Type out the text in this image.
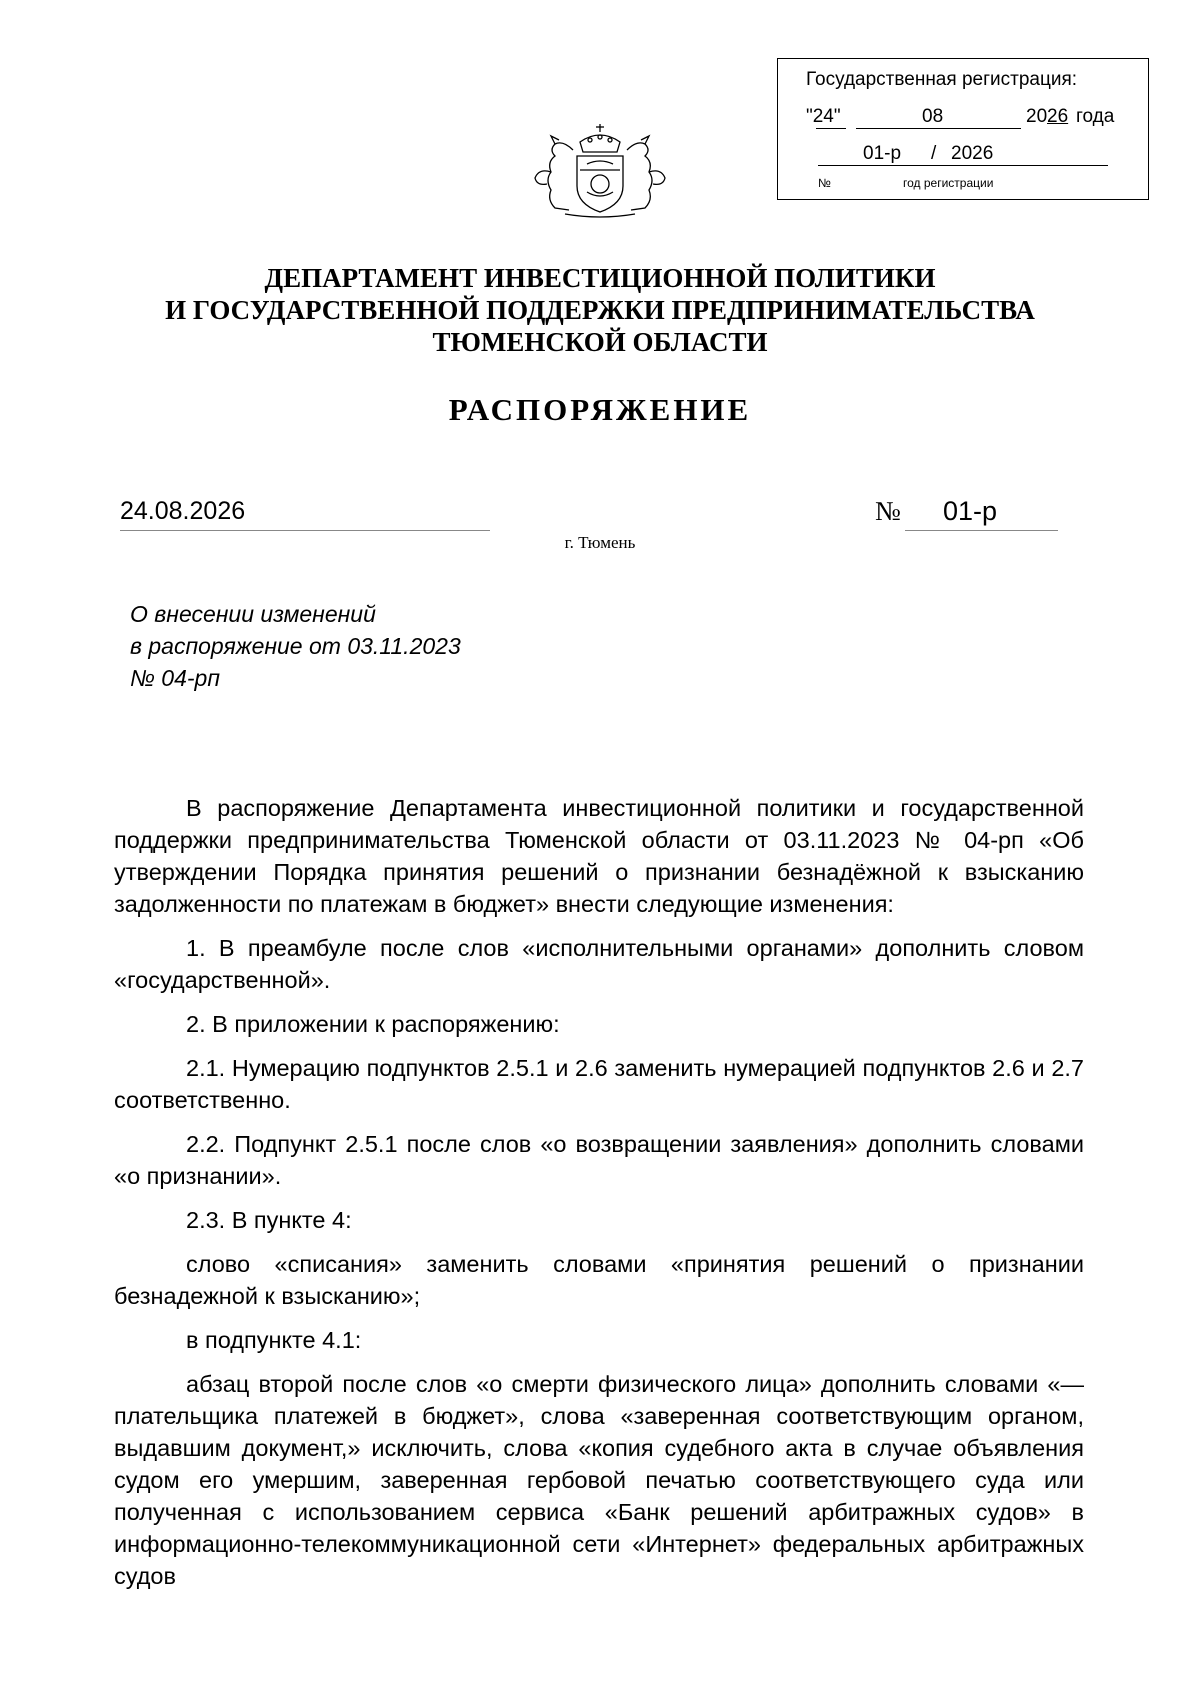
Государственная регистрация:
"24"	08	20 26 года
01-р / 2026
№	год регистрации
ДЕПАРТАМЕНТ ИНВЕСТИЦИОННОЙ ПОЛИТИКИ
И ГОСУДАРСТВЕННОЙ ПОДДЕРЖКИ ПРЕДПРИНИМАТЕЛЬСТВА
ТЮМЕНСКОЙ ОБЛАСТИ
РАСПОРЯЖЕНИЕ
24.08.2026	№	01-р
г. Тюмень
О внесении изменений
в распоряжение от 03.11.2023
№ 04-рп

В распоряжение Департамента инвестиционной политики и государственной поддержки предпринимательства Тюменской области от 03.11.2023 № 04-рп «Об утверждении Порядка принятия решений о признании безнадёжной к взысканию задолженности по платежам в бюджет» внести следующие изменения:

1. В преамбуле после слов «исполнительными органами» дополнить словом «государственной».

2. В приложении к распоряжению:

2.1. Нумерацию подпунктов 2.5.1 и 2.6 заменить нумерацией подпунктов 2.6 и 2.7 соответственно.

2.2. Подпункт 2.5.1 после слов «о возвращении заявления» дополнить словами «о признании».

2.3. В пункте 4:

слово «списания» заменить словами «принятия решений о признании безнадежной к взысканию»;

в подпункте 4.1:

абзац второй после слов «о смерти физического лица» дополнить словами «— плательщика платежей в бюджет», слова «заверенная соответствующим органом, выдавшим документ,» исключить, слова «копия судебного акта в случае объявления судом его умершим, заверенная гербовой печатью соответствующего суда или полученная с использованием сервиса «Банк решений арбитражных судов» в информационно-телекоммуникационной сети «Интернет» федеральных арбитражных судов
